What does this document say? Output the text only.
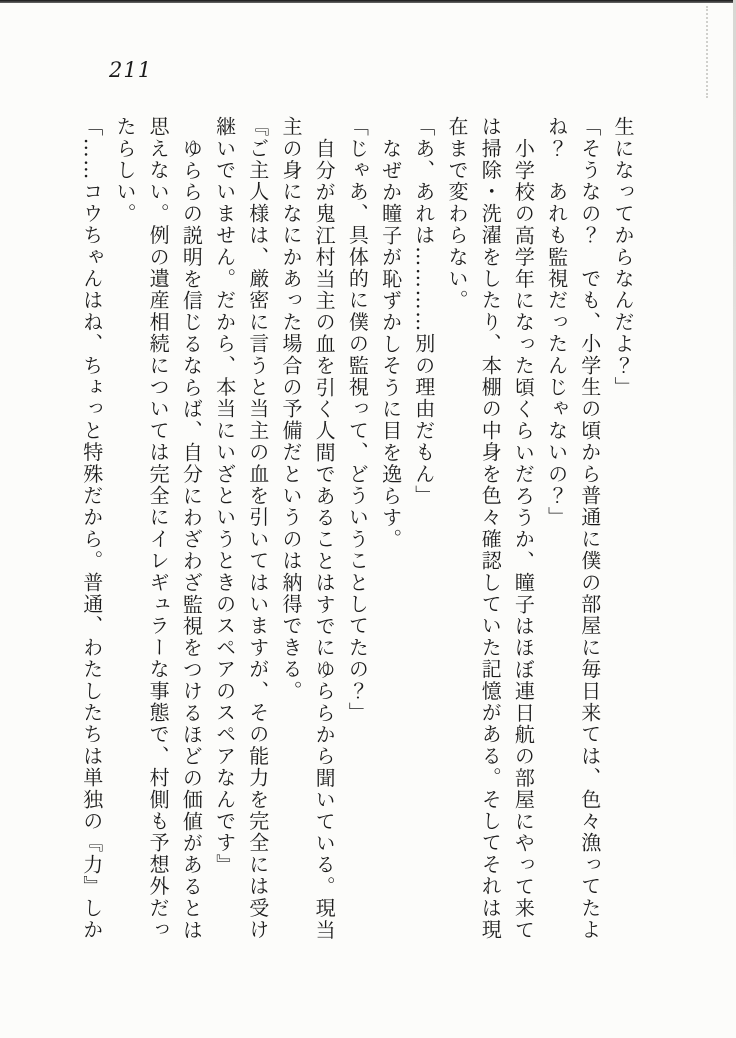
211

生になってからなんだよ？」

「そうなの？　でも、小学生の頃から普通に僕の部屋に毎日来ては、色々漁ってたよ

ね？　あれも監視だったんじゃないの？」

小学校の高学年になった頃くらいだろうか、瞳子はほぼ連日航の部屋にやって来て

は掃除・洗濯をしたり、本棚の中身を色々確認していた記憶がある。そしてそれは現

在まで変わらない。

「あ、あれは…………別の理由だもん」

なぜか瞳子が恥ずかしそうに目を逸らす。

「じゃあ、具体的に僕の監視って、どういうことしてたの？」

自分が鬼江村当主の血を引く人間であることはすでにゆららから聞いている。現当

主の身になにかあった場合の予備だというのは納得できる。

『ご主人様は、厳密に言うと当主の血を引いてはいますが、その能力を完全には受け

継いでいません。だから、本当にいざというときのスペアのスペアなんです』

ゆららの説明を信じるならば、自分にわざわざ監視をつけるほどの価値があるとは

思えない。例の遺産相続については完全にイレギュラーな事態で、村側も予想外だっ

たらしい。

「……コウちゃんはね、ちょっと特殊だから。普通、わたしたちは単独の『力』しか
